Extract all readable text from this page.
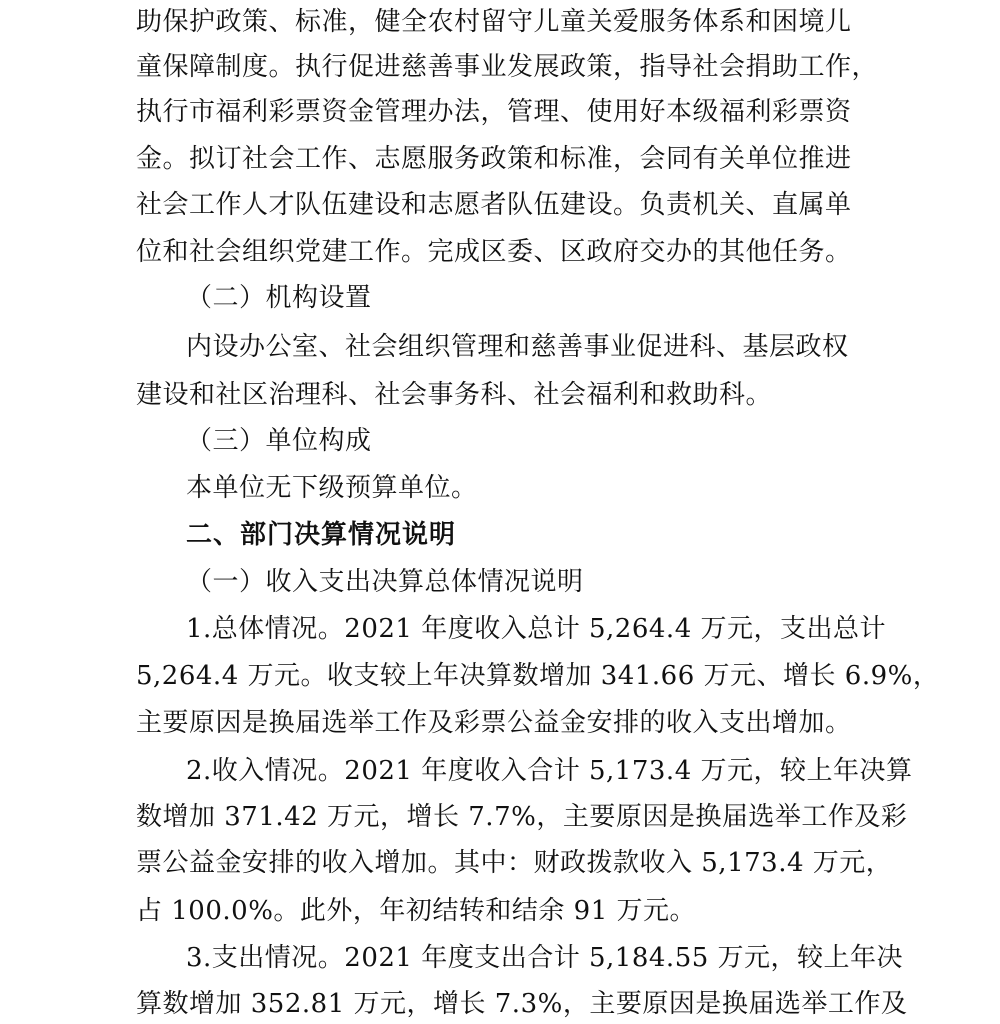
助保护政策、标准，健全农村留守儿童关爱服务体系和困境儿
童保障制度。执行促进慈善事业发展政策，指导社会捐助工作，
执行市福利彩票资金管理办法，管理、使用好本级福利彩票资
金。拟订社会工作、志愿服务政策和标准，会同有关单位推进
社会工作人才队伍建设和志愿者队伍建设。负责机关、直属单
位和社会组织党建工作。完成区委、区政府交办的其他任务。
（二）机构设置
内设办公室、社会组织管理和慈善事业促进科、基层政权
建设和社区治理科、社会事务科、社会福利和救助科。
（三）单位构成
本单位无下级预算单位。
二、部门决算情况说明
（一）收入支出决算总体情况说明
1.总体情况。2021 年度收入总计 5,264.4 万元，支出总计
5,264.4 万元。收支较上年决算数增加 341.66 万元、增长 6.9%，
主要原因是换届选举工作及彩票公益金安排的收入支出增加。
2.收入情况。2021 年度收入合计 5,173.4 万元，较上年决算
数增加 371.42 万元，增长 7.7%，主要原因是换届选举工作及彩
票公益金安排的收入增加。其中：财政拨款收入 5,173.4 万元，
占 100.0%。此外，年初结转和结余 91 万元。
3.支出情况。2021 年度支出合计 5,184.55 万元，较上年决
算数增加 352.81 万元，增长 7.3%，主要原因是换届选举工作及
